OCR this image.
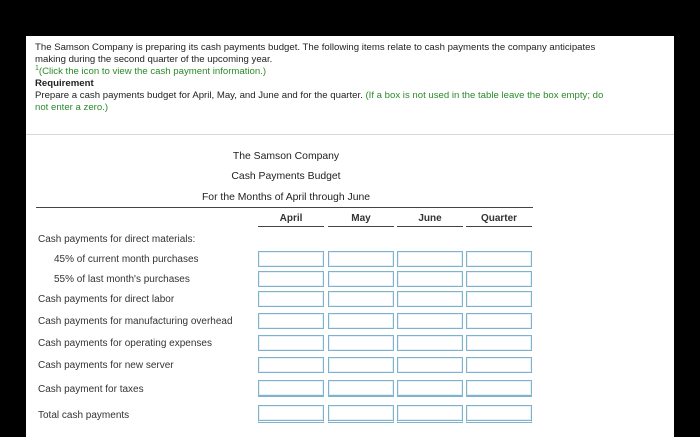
The Samson Company is preparing its cash payments budget. The following items relate to cash payments the company anticipates

making during the second quarter of the upcoming year.

$^1$(Click the icon to view the cash payment information.)

Requirement

Prepare a cash payments budget for April, May, and June and for the quarter. (If a box is not used in the table leave the box empty; do

not enter a zero.)

The Samson Company
Cash Payments Budget
For the Months of April through June
April	May	June	Quarter
Cash payments for direct materials:
45% of current month purchases
55% of last month's purchases
Cash payments for direct labor
Cash payments for manufacturing overhead
Cash payments for operating expenses
Cash payments for new server
Cash payment for taxes
Total cash payments
